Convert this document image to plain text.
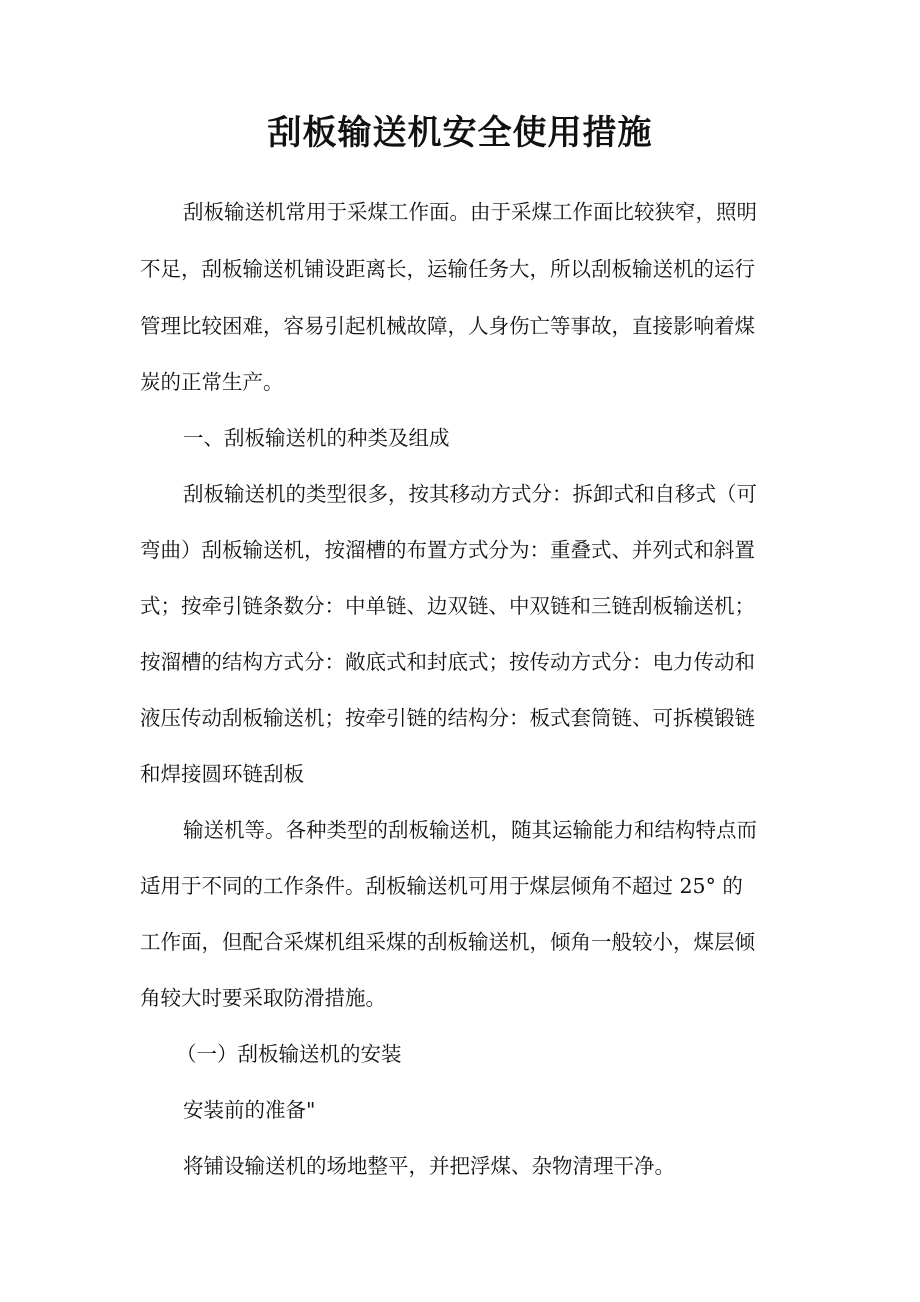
刮板输送机安全使用措施
刮板输送机常用于采煤工作面。由于采煤工作面比较狭窄，照明
不足，刮板输送机铺设距离长，运输任务大，所以刮板输送机的运行
管理比较困难，容易引起机械故障，人身伤亡等事故，直接影响着煤
炭的正常生产。
一、刮板输送机的种类及组成
刮板输送机的类型很多，按其移动方式分：拆卸式和自移式（可
弯曲）刮板输送机，按溜槽的布置方式分为：重叠式、并列式和斜置
式；按牵引链条数分：中单链、边双链、中双链和三链刮板输送机；
按溜槽的结构方式分：敞底式和封底式；按传动方式分：电力传动和
液压传动刮板输送机；按牵引链的结构分：板式套筒链、可拆模锻链
和焊接圆环链刮板
输送机等。各种类型的刮板输送机，随其运输能力和结构特点而
适用于不同的工作条件。刮板输送机可用于煤层倾角不超过 25° 的
工作面，但配合采煤机组采煤的刮板输送机，倾角一般较小，煤层倾
角较大时要采取防滑措施。
（一）刮板输送机的安装
安装前的准备"
将铺设输送机的场地整平，并把浮煤、杂物清理干净。
